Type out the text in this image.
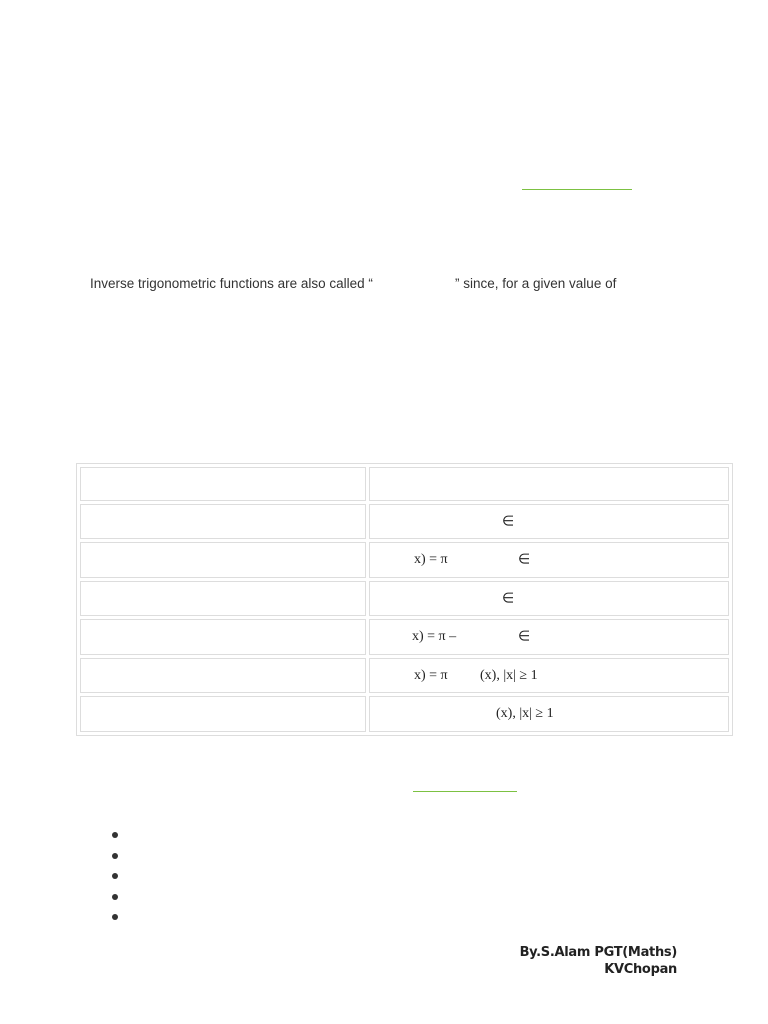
Inverse trigonometric functions are also called “	” since, for a given value of

	∈

	x) = π ∈

	∈

	x) = π – ∈

	x) = π (x), |x| ≥ 1

	(x), |x| ≥ 1
By.S.Alam PGT(Maths)
KVChopan
